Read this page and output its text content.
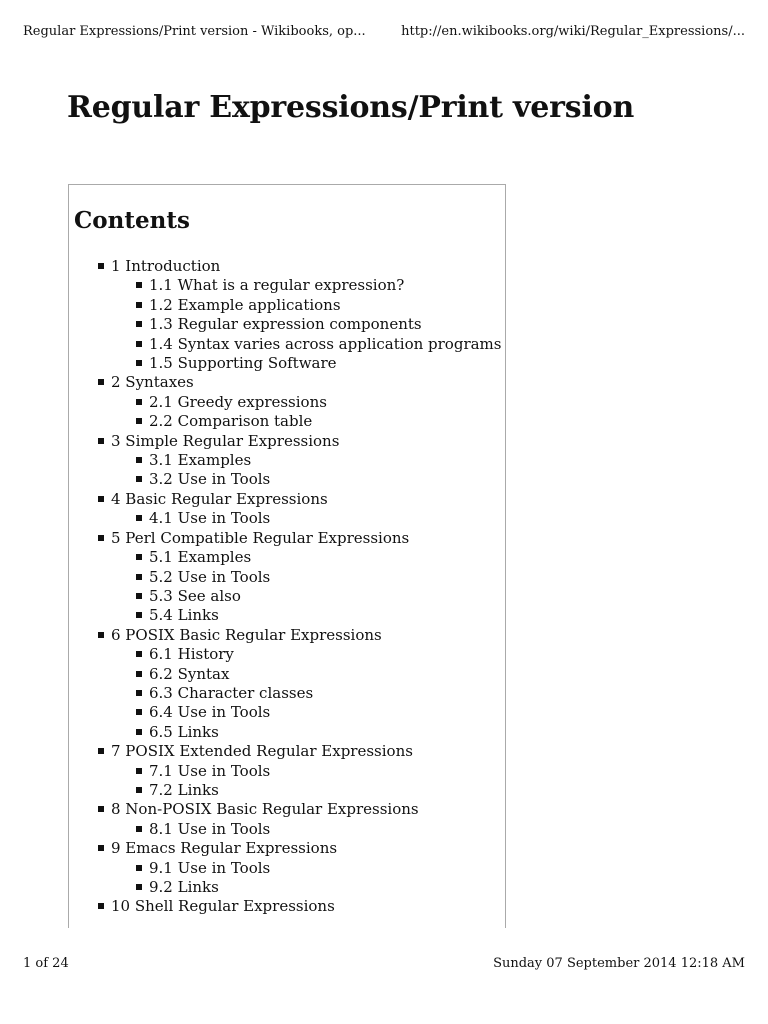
Regular Expressions/Print version - Wikibooks, op...	http://en.wikibooks.org/wiki/Regular_Expressions/...
Regular Expressions/Print version
Contents
1 Introduction
1.1 What is a regular expression?
1.2 Example applications
1.3 Regular expression components
1.4 Syntax varies across application programs
1.5 Supporting Software
2 Syntaxes
2.1 Greedy expressions
2.2 Comparison table
3 Simple Regular Expressions
3.1 Examples
3.2 Use in Tools
4 Basic Regular Expressions
4.1 Use in Tools
5 Perl Compatible Regular Expressions
5.1 Examples
5.2 Use in Tools
5.3 See also
5.4 Links
6 POSIX Basic Regular Expressions
6.1 History
6.2 Syntax
6.3 Character classes
6.4 Use in Tools
6.5 Links
7 POSIX Extended Regular Expressions
7.1 Use in Tools
7.2 Links
8 Non-POSIX Basic Regular Expressions
8.1 Use in Tools
9 Emacs Regular Expressions
9.1 Use in Tools
9.2 Links
10 Shell Regular Expressions
1 of 24	Sunday 07 September 2014 12:18 AM
